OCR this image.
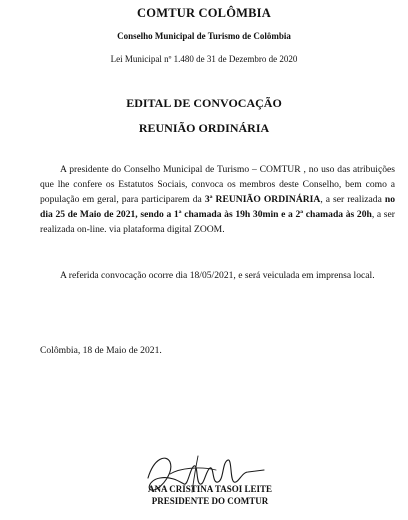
COMTUR COLÔMBIA
Conselho Municipal de Turismo de Colômbia
Lei Municipal nº 1.480 de 31 de Dezembro de 2020
EDITAL DE CONVOCAÇÃO
REUNIÃO ORDINÁRIA
A presidente do Conselho Municipal de Turismo – COMTUR , no uso das atribuições que lhe confere os Estatutos Sociais, convoca os membros deste Conselho, bem como a população em geral, para participarem da 3ª REUNIÃO ORDINÁRIA, a ser realizada no dia 25 de Maio de 2021, sendo a 1ª chamada às 19h 30min e a 2ª chamada às 20h, a ser realizada on-line. via plataforma digital ZOOM.
A referida convocação ocorre dia 18/05/2021, e será veiculada em imprensa local.
Colômbia, 18 de Maio de 2021.
ANA CRISTINA TASOI LEITE
PRESIDENTE DO COMTUR
